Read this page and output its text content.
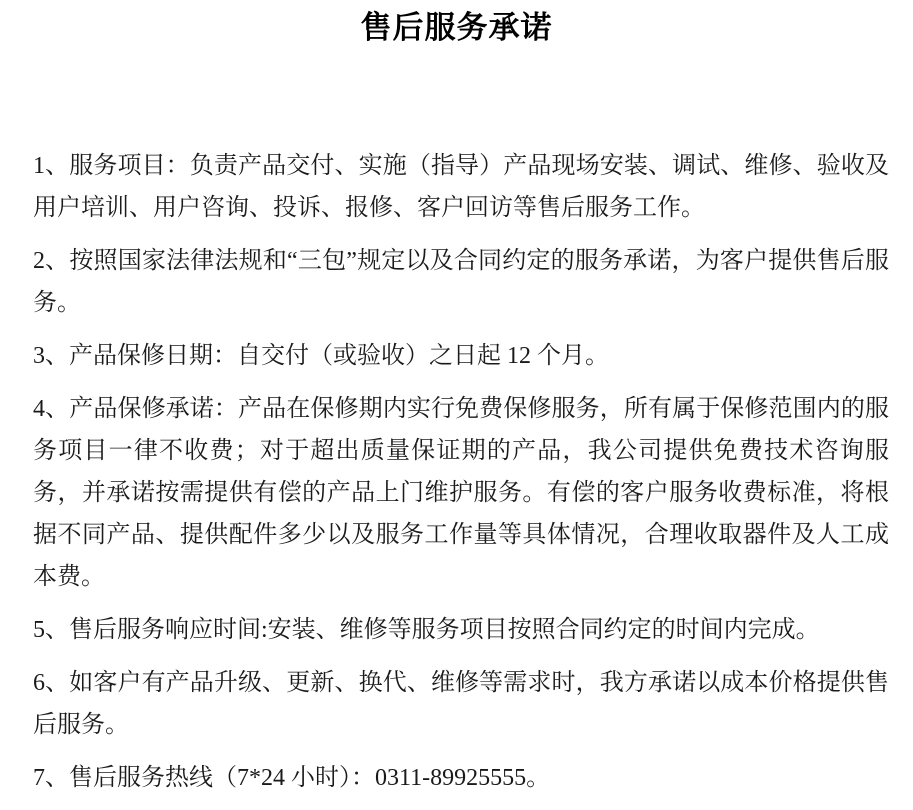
售后服务承诺

1、服务项目：负责产品交付、实施（指导）产品现场安装、调试、维修、验收及用户培训、用户咨询、投诉、报修、客户回访等售后服务工作。

2、按照国家法律法规和“三包”规定以及合同约定的服务承诺，为客户提供售后服务。

3、产品保修日期：自交付（或验收）之日起 12 个月。

4、产品保修承诺：产品在保修期内实行免费保修服务，所有属于保修范围内的服务项目一律不收费；对于超出质量保证期的产品，我公司提供免费技术咨询服务，并承诺按需提供有偿的产品上门维护服务。有偿的客户服务收费标准，将根据不同产品、提供配件多少以及服务工作量等具体情况，合理收取器件及人工成本费。

5、售后服务响应时间:安装、维修等服务项目按照合同约定的时间内完成。

6、如客户有产品升级、更新、换代、维修等需求时，我方承诺以成本价格提供售后服务。

7、售后服务热线（7*24 小时）：0311-89925555。
